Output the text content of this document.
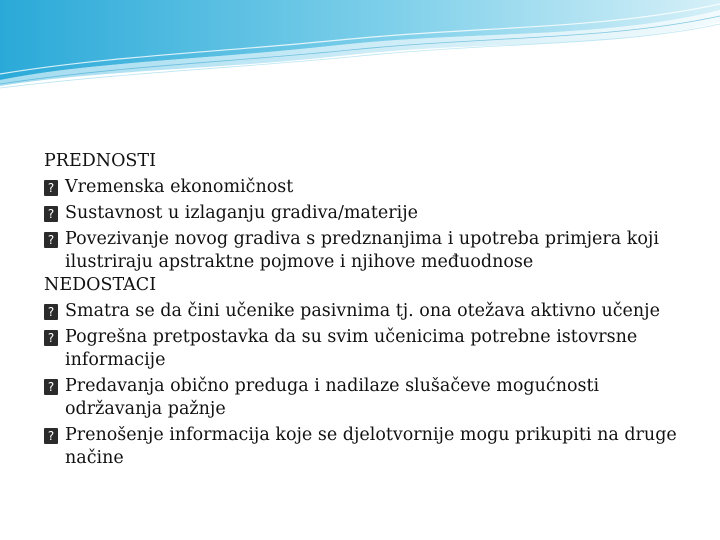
PREDNOSTI
? Vremenska ekonomičnost
? Sustavnost u izlaganju gradiva/materije
? Povezivanje novog gradiva s predznanjima i upotreba primjera koji ilustriraju apstraktne pojmove i njihove međuodnose
NEDOSTACI
? Smatra se da čini učenike pasivnima tj. ona otežava aktivno učenje
? Pogrešna pretpostavka da su svim učenicima potrebne istovrsne informacije
? Predavanja obično preduga i nadilaze slušačeve mogućnosti održavanja pažnje
? Prenošenje informacija koje se djelotvornije mogu prikupiti na druge načine
